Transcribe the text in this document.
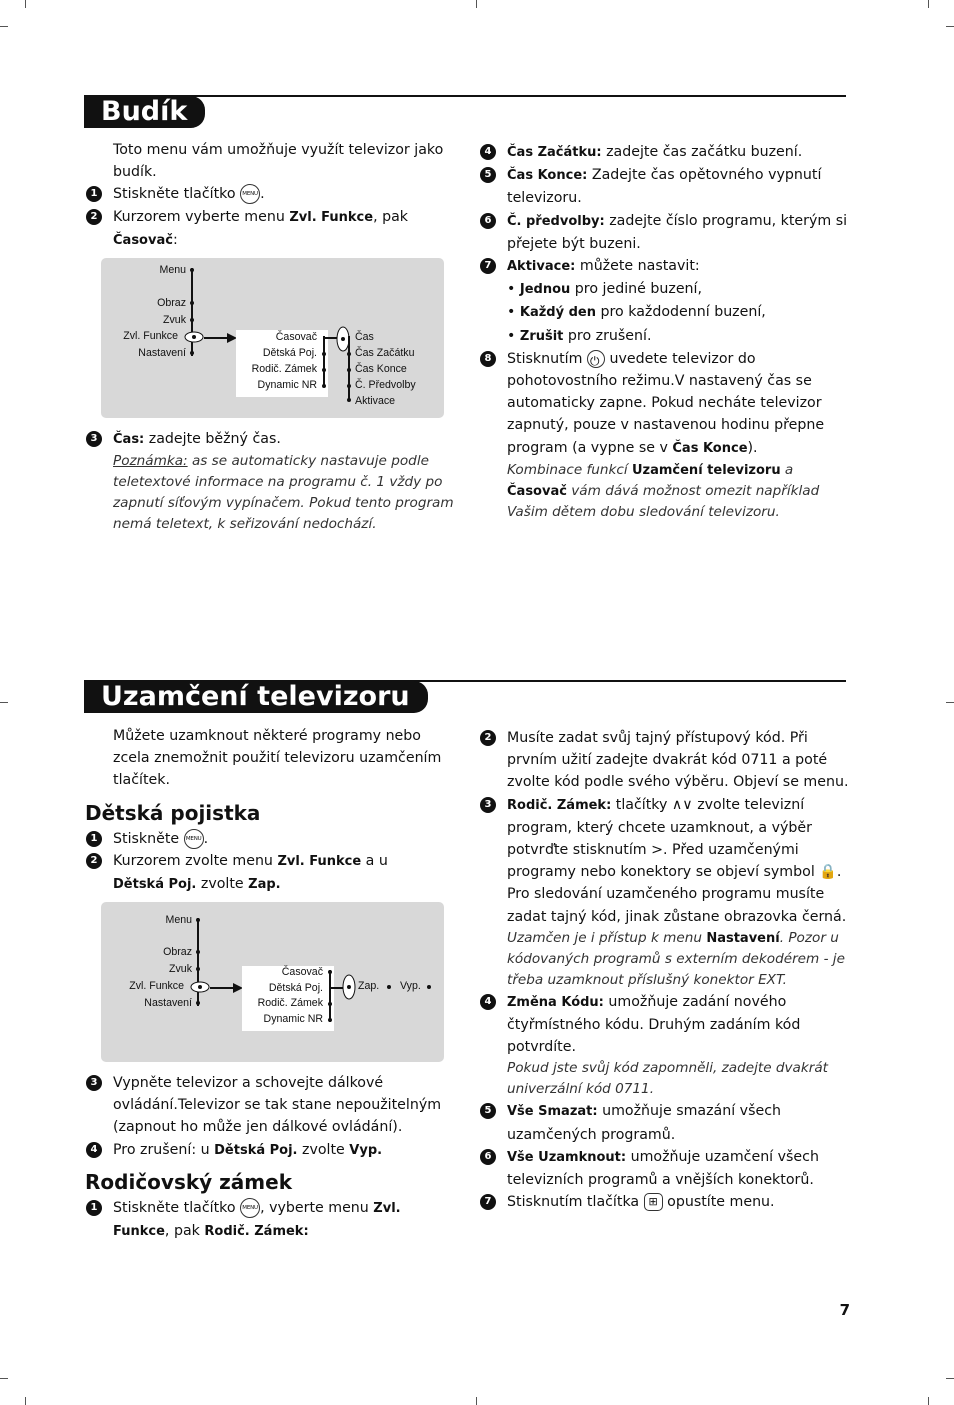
Budík

Toto menu vám umožňuje využít televizor jako budík.

1	Stiskněte tlačítko MENU .

2	Kurzorem vyberte menu Zvl. Funkce, pak
Časovač:

Menu
Obraz
Zvuk
Zvl. Funkce
Nastavení
Časovač
Dětská Poj.
Rodič. Zámek
Dynamic NR
Čas
Čas Začátku
Čas Konce
Č. Předvolby
Aktivace

3	Čas: zadejte běžný čas.

Poznámka: as se automaticky nastavuje podle teletextové informace na programu č. 1 vždy po zapnutí síťovým vypínačem. Pokud tento program nemá teletext, k seřizování nedochází.

4	Čas Začátku: zadejte čas začátku buzení.

5	Čas Konce: Zadejte čas opětovného vypnutí televizoru.

6	Č. předvolby: zadejte číslo programu, kterým si přejete být buzeni.

7	Aktivace: můžete nastavit:

• Jednou pro jediné buzení,

• Každý den pro každodenní buzení,

• Zrušit pro zrušení.

8	Stisknutím ⏻ uvedete televizor do pohotovostního režimu.V nastavený čas se automaticky zapne. Pokud necháte televizor zapnutý, pouze v nastavenou hodinu přepne program (a vypne se v Čas Konce).

Kombinace funkcí Uzamčení televizoru a Časovač vám dává možnost omezit například Vašim dětem dobu sledování televizoru.

Uzamčení televizoru

Můžete uzamknout některé programy nebo zcela znemožnit použití televizoru uzamčením tlačítek.

Dětská pojistka

1	Stiskněte MENU .

2	Kurzorem zvolte menu Zvl. Funkce a u
Dětská Poj. zvolte Zap.

Menu
Obraz
Zvuk
Zvl. Funkce
Nastavení
Časovač
Dětská Poj.
Rodič. Zámek
Dynamic NR
Zap. Vyp.

3	Vypněte televizor a schovejte dálkové ovládání.Televizor se tak stane nepoužitelným (zapnout ho může jen dálkové ovládání).

4	Pro zrušení: u Dětská Poj. zvolte Vyp.

Rodičovský zámek

1	Stiskněte tlačítko MENU , vyberte menu Zvl. Funkce, pak Rodič. Zámek:

2	Musíte zadat svůj tajný přístupový kód. Při prvním užití zadejte dvakrát kód 0711 a poté zvolte kód podle svého výběru. Objeví se menu.

3	Rodič. Zámek: tlačítky ∧∨ zvolte televizní program, který chcete uzamknout, a výběr potvrďte stisknutím >. Před uzamčenými programy nebo konektory se objeví symbol 🔒. Pro sledování uzamčeného programu musíte zadat tajný kód, jinak zůstane obrazovka černá.

Uzamčen je i přístup k menu Nastavení. Pozor u kódovaných programů s externím dekodérem - je třeba uzamknout příslušný konektor EXT.

4	Změna Kódu: umožňuje zadání nového čtyřmístného kódu. Druhým zadáním kód potvrdíte.

Pokud jste svůj kód zapomněli, zadejte dvakrát univerzální kód 0711.

5	Vše Smazat: umožňuje smazání všech uzamčených programů.

6	Vše Uzamknout: umožňuje uzamčení všech televizních programů a vnějších konektorů.

7	Stisknutím tlačítka ⊞ opustíte menu.

7
